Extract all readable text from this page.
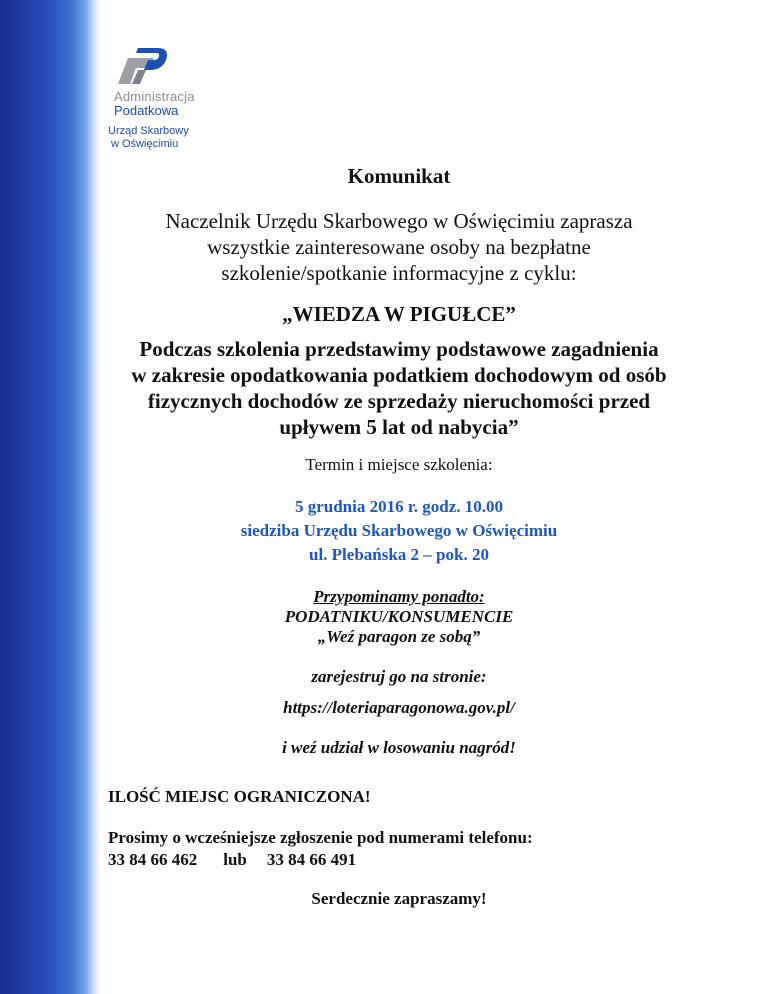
Administracja
Podatkowa
Urząd Skarbowy
w Oświęcimiu
Komunikat
Naczelnik Urzędu Skarbowego w Oświęcimiu zaprasza
wszystkie zainteresowane osoby na bezpłatne
szkolenie/spotkanie informacyjne z cyklu:
„WIEDZA W PIGUŁCE”
Podczas szkolenia przedstawimy podstawowe zagadnienia
w zakresie opodatkowania podatkiem dochodowym od osób
fizycznych dochodów ze sprzedaży nieruchomości przed
upływem 5 lat od nabycia”
Termin i miejsce szkolenia:
5 grudnia 2016 r. godz. 10.00
siedziba Urzędu Skarbowego w Oświęcimiu
ul. Plebańska 2 – pok. 20
Przypominamy ponadto:
PODATNIKU/KONSUMENCIE
„Weź paragon ze sobą”
zarejestruj go na stronie:
https://loteriaparagonowa.gov.pl/
i weź udział w losowaniu nagród!
ILOŚĆ MIEJSC OGRANICZONA!
Prosimy o wcześniejsze zgłoszenie pod numerami telefonu:
33 84 66 462 lub 33 84 66 491
Serdecznie zapraszamy!
